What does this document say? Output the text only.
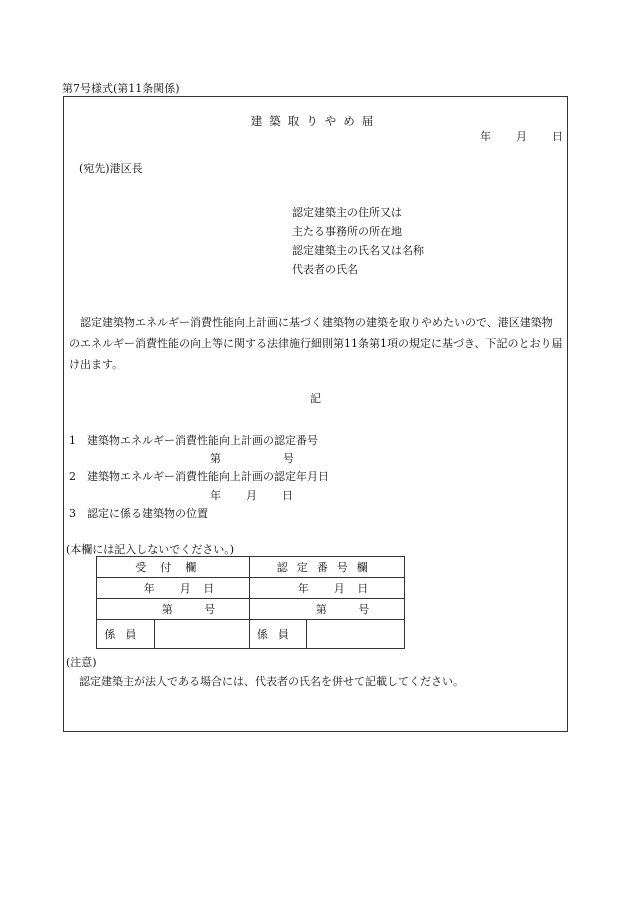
第7号様式(第11条関係)
建築取りやめ届
年 月 日
(宛先)港区長
認定建築主の住所又は
主たる事務所の所在地
認定建築主の氏名又は名称
代表者の氏名
認定建築物エネルギー消費性能向上計画に基づく建築物の建築を取りやめたいので、港区建築物のエネルギー消費性能の向上等に関する法律施行細則第11条第1項の規定に基づき、下記のとおり届け出ます。
記
1　建築物エネルギー消費性能向上計画の認定番号
第	号
2　建築物エネルギー消費性能向上計画の認定年月日
年 月 日
3　認定に係る建築物の位置
(本欄には記入しないでください。)
受付欄		認定番号欄	
年 月 日		年 月 日	
第 号		第 号	
係員		係員	
(注意)
認定建築主が法人である場合には、代表者の氏名を併せて記載してください。
